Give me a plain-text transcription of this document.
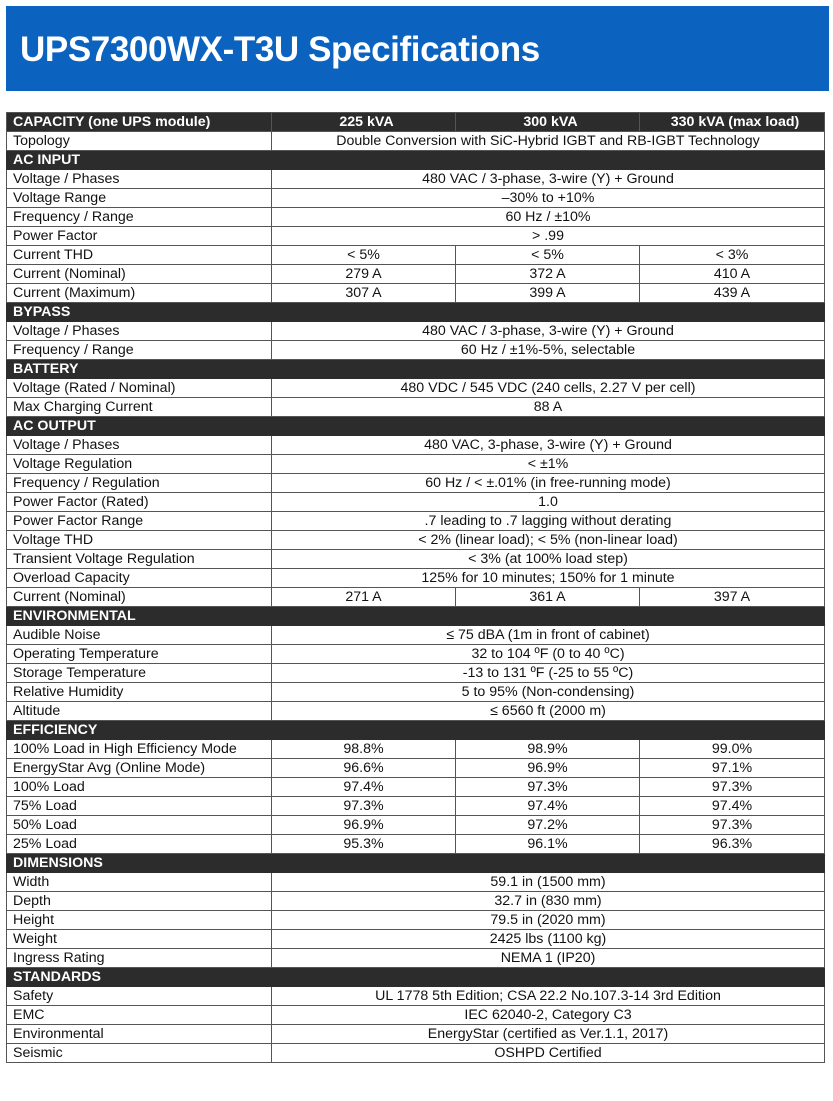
UPS7300WX-T3U Specifications
CAPACITY (one UPS module)	225 kVA	300 kVA	330 kVA (max load)
Topology	Double Conversion with SiC-Hybrid IGBT and RB-IGBT Technology		
AC INPUT			
Voltage / Phases	480 VAC / 3-phase, 3-wire (Y) + Ground		
Voltage Range	–30% to +10%		
Frequency / Range	60 Hz / ±10%		
Power Factor	> .99		
Current THD	< 5%	< 5%	< 3%
Current (Nominal)	279 A	372 A	410 A
Current (Maximum)	307 A	399 A	439 A
BYPASS			
Voltage / Phases	480 VAC / 3-phase, 3-wire (Y) + Ground		
Frequency / Range	60 Hz / ±1%-5%, selectable		
BATTERY			
Voltage (Rated / Nominal)	480 VDC / 545 VDC (240 cells, 2.27 V per cell)		
Max Charging Current	88 A		
AC OUTPUT			
Voltage / Phases	480 VAC, 3-phase, 3-wire (Y) + Ground		
Voltage Regulation	< ±1%		
Frequency / Regulation	60 Hz / < ±.01% (in free-running mode)		
Power Factor (Rated)	1.0		
Power Factor Range	.7 leading to .7 lagging without derating		
Voltage THD	< 2% (linear load); < 5% (non-linear load)		
Transient Voltage Regulation	< 3% (at 100% load step)		
Overload Capacity	125% for 10 minutes; 150% for 1 minute		
Current (Nominal)	271 A	361 A	397 A
ENVIRONMENTAL			
Audible Noise	≤ 75 dBA (1m in front of cabinet)		
Operating Temperature	32 to 104 ºF (0 to 40 ºC)		
Storage Temperature	-13 to 131 ºF (-25 to 55 ºC)		
Relative Humidity	5 to 95% (Non-condensing)		
Altitude	≤ 6560 ft (2000 m)		
EFFICIENCY			
100% Load in High Efficiency Mode	98.8%	98.9%	99.0%
EnergyStar Avg (Online Mode)	96.6%	96.9%	97.1%
100% Load	97.4%	97.3%	97.3%
75% Load	97.3%	97.4%	97.4%
50% Load	96.9%	97.2%	97.3%
25% Load	95.3%	96.1%	96.3%
DIMENSIONS			
Width	59.1 in (1500 mm)		
Depth	32.7 in (830 mm)		
Height	79.5 in (2020 mm)		
Weight	2425 lbs (1100 kg)		
Ingress Rating	NEMA 1 (IP20)		
STANDARDS			
Safety	UL 1778 5th Edition; CSA 22.2 No.107.3-14 3rd Edition		
EMC	IEC 62040-2, Category C3		
Environmental	EnergyStar (certified as Ver.1.1, 2017)		
Seismic	OSHPD Certified		
